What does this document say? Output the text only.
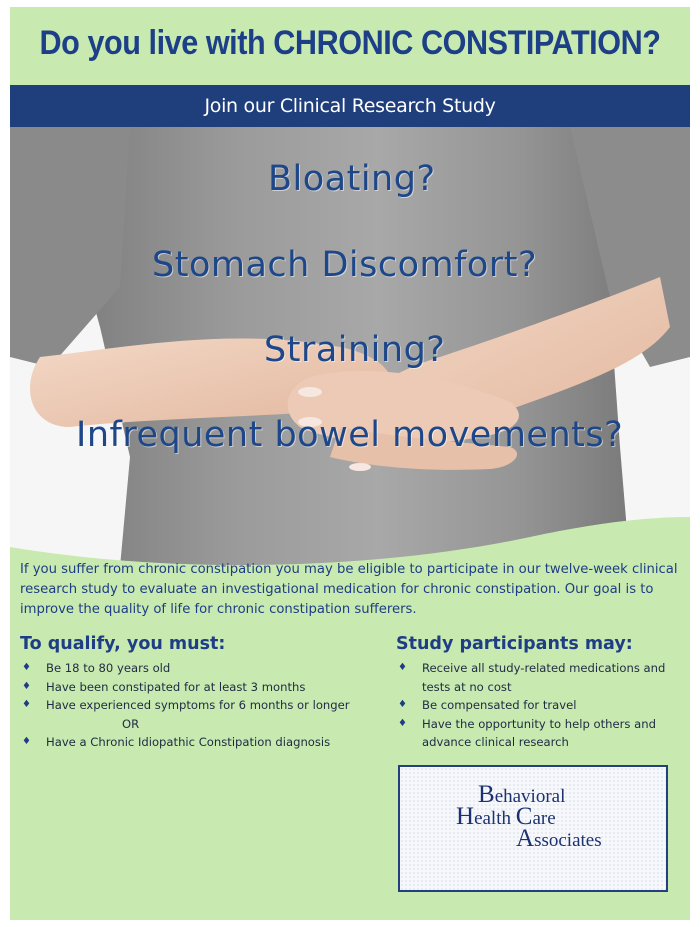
Do you live with CHRONIC CONSTIPATION?
Join our Clinical Research Study
Bloating?
Stomach Discomfort?
Straining?
Infrequent bowel movements?

If you suffer from chronic constipation you may be eligible to participate in our twelve-week clinical research study to evaluate an investigational medication for chronic constipation. Our goal is to improve the quality of life for chronic constipation sufferers.

To qualify, you must:
♦ Be 18 to 80 years old
♦ Have been constipated for at least 3 months
♦ Have experienced symptoms for 6 months or longer
OR
♦ Have a Chronic Idiopathic Constipation diagnosis
Study participants may:
♦ Receive all study-related medications and tests at no cost
♦ Be compensated for travel
♦ Have the opportunity to help others and advance clinical research
Behavioral
Health Care
Associates
